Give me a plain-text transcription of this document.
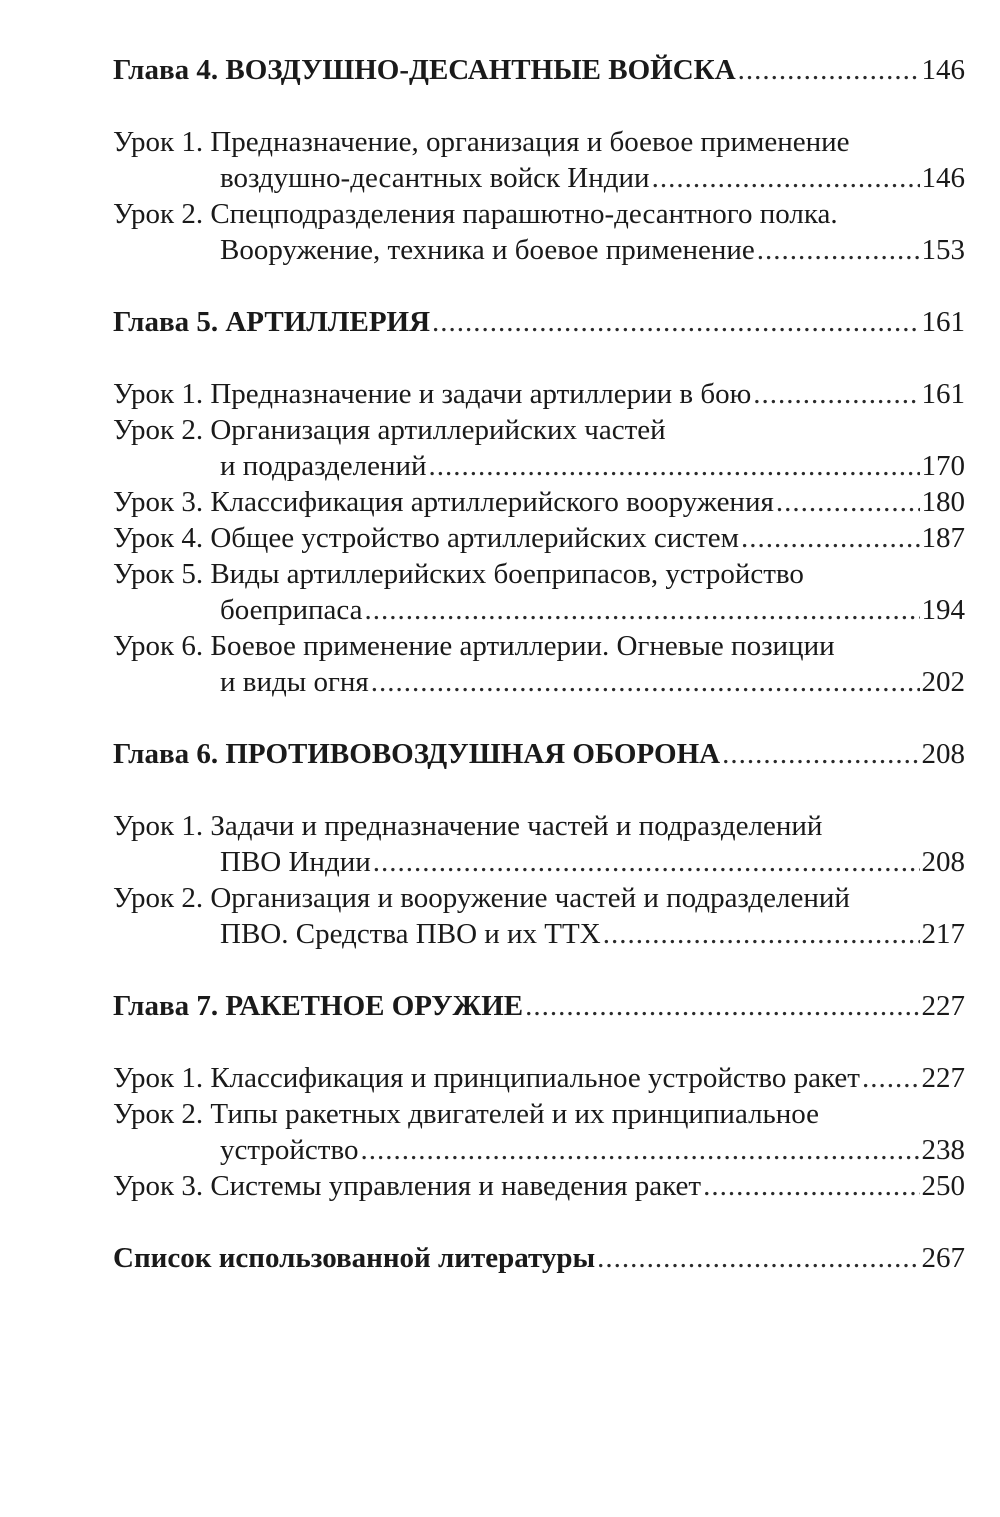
Глава 4. ВОЗДУШНО-ДЕСАНТНЫЕ ВОЙСКА .....	146
Урок 1. Предназначение, организация и боевое применение
воздушно-десантных войск Индии .....	146
Урок 2. Спецподразделения парашютно-десантного полка.
Вооружение, техника и боевое применение .....	153
Глава 5. АРТИЛЛЕРИЯ .....	161
Урок 1. Предназначение и задачи артиллерии в бою .....	161
Урок 2. Организация артиллерийских частей
и подразделений .....	170
Урок 3. Классификация артиллерийского вооружения .....	180
Урок 4. Общее устройство артиллерийских систем .....	187
Урок 5. Виды артиллерийских боеприпасов, устройство
боеприпаса .....	194
Урок 6. Боевое применение артиллерии. Огневые позиции
и виды огня .....	202
Глава 6. ПРОТИВОВОЗДУШНАЯ ОБОРОНА .....	208
Урок 1. Задачи и предназначение частей и подразделений
ПВО Индии .....	208
Урок 2. Организация и вооружение частей и подразделений
ПВО. Средства ПВО и их ТТХ .....	217
Глава 7. РАКЕТНОЕ ОРУЖИЕ .....	227
Урок 1. Классификация и принципиальное устройство ракет ..... 227
Урок 2. Типы ракетных двигателей и их принципиальное
устройство .....	238
Урок 3. Системы управления и наведения ракет .....	250
Список использованной литературы .....	267
